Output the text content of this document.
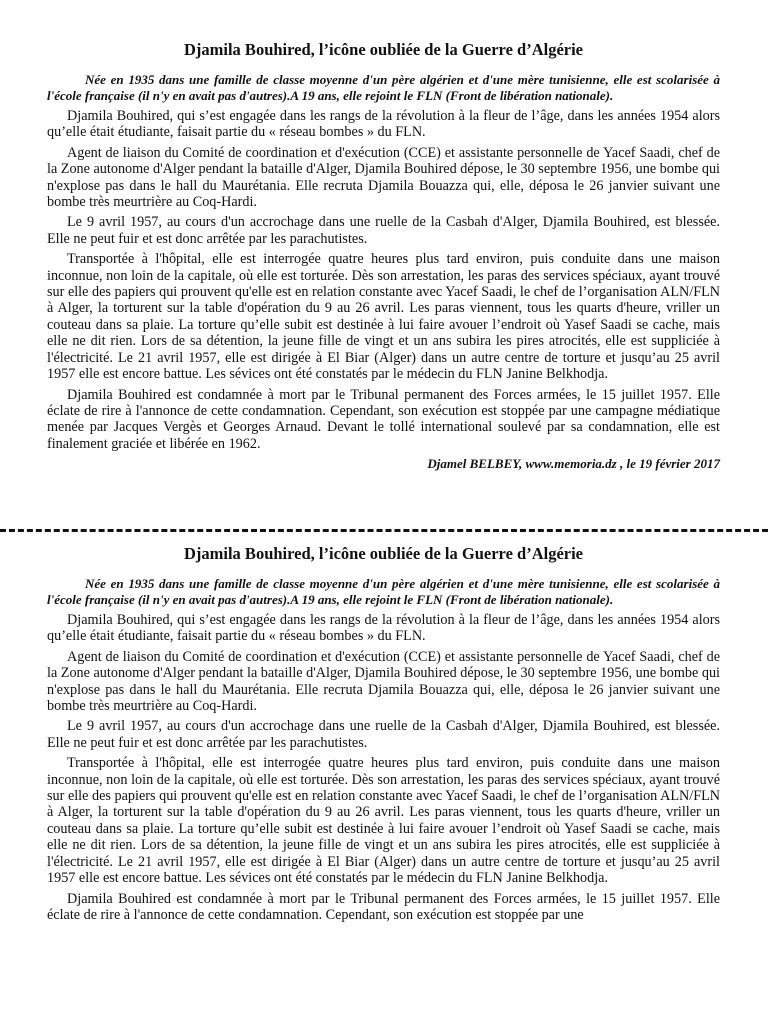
Djamila Bouhired, l’icône oubliée de la Guerre d’Algérie

Née en 1935 dans une famille de classe moyenne d'un père algérien et d'une mère tunisienne, elle est scolarisée à l'école française (il n'y en avait pas d'autres).A 19 ans, elle rejoint le FLN (Front de libération nationale).

Djamila Bouhired, qui s’est engagée dans les rangs de la révolution à la fleur de l’âge, dans les années 1954 alors qu’elle était étudiante, faisait partie du « réseau bombes » du FLN.

Agent de liaison du Comité de coordination et d'exécution (CCE) et assistante personnelle de Yacef Saadi, chef de la Zone autonome d'Alger pendant la bataille d'Alger, Djamila Bouhired dépose, le 30 septembre 1956, une bombe qui n'explose pas dans le hall du Maurétania. Elle recruta Djamila Bouazza qui, elle, déposa le 26 janvier suivant une bombe très meurtrière au Coq-Hardi.

Le 9 avril 1957, au cours d'un accrochage dans une ruelle de la Casbah d'Alger, Djamila Bouhired, est blessée. Elle ne peut fuir et est donc arrêtée par les parachutistes.

Transportée à l'hôpital, elle est interrogée quatre heures plus tard environ, puis conduite dans une maison inconnue, non loin de la capitale, où elle est torturée. Dès son arrestation, les paras des services spéciaux, ayant trouvé sur elle des papiers qui prouvent qu'elle est en relation constante avec Yacef Saadi, le chef de l’organisation ALN/FLN à Alger, la torturent sur la table d'opération du 9 au 26 avril. Les paras viennent, tous les quarts d'heure, vriller un couteau dans sa plaie. La torture qu’elle subit est destinée à lui faire avouer l’endroit où Yasef Saadi se cache, mais elle ne dit rien. Lors de sa détention, la jeune fille de vingt et un ans subira les pires atrocités, elle est suppliciée à l'électricité. Le 21 avril 1957, elle est dirigée à El Biar (Alger) dans un autre centre de torture et jusqu’au 25 avril 1957 elle est encore battue. Les sévices ont été constatés par le médecin du FLN Janine Belkhodja.

Djamila Bouhired est condamnée à mort par le Tribunal permanent des Forces armées, le 15 juillet 1957. Elle éclate de rire à l'annonce de cette condamnation. Cependant, son exécution est stoppée par une campagne médiatique menée par Jacques Vergès et Georges Arnaud. Devant le tollé international soulevé par sa condamnation, elle est finalement graciée et libérée en 1962.

Djamel BELBEY, www.memoria.dz , le 19 février 2017

Djamila Bouhired, l’icône oubliée de la Guerre d’Algérie

Née en 1935 dans une famille de classe moyenne d'un père algérien et d'une mère tunisienne, elle est scolarisée à l'école française (il n'y en avait pas d'autres).A 19 ans, elle rejoint le FLN (Front de libération nationale).

Djamila Bouhired, qui s’est engagée dans les rangs de la révolution à la fleur de l’âge, dans les années 1954 alors qu’elle était étudiante, faisait partie du « réseau bombes » du FLN.

Agent de liaison du Comité de coordination et d'exécution (CCE) et assistante personnelle de Yacef Saadi, chef de la Zone autonome d'Alger pendant la bataille d'Alger, Djamila Bouhired dépose, le 30 septembre 1956, une bombe qui n'explose pas dans le hall du Maurétania. Elle recruta Djamila Bouazza qui, elle, déposa le 26 janvier suivant une bombe très meurtrière au Coq-Hardi.

Le 9 avril 1957, au cours d'un accrochage dans une ruelle de la Casbah d'Alger, Djamila Bouhired, est blessée. Elle ne peut fuir et est donc arrêtée par les parachutistes.

Transportée à l'hôpital, elle est interrogée quatre heures plus tard environ, puis conduite dans une maison inconnue, non loin de la capitale, où elle est torturée. Dès son arrestation, les paras des services spéciaux, ayant trouvé sur elle des papiers qui prouvent qu'elle est en relation constante avec Yacef Saadi, le chef de l’organisation ALN/FLN à Alger, la torturent sur la table d'opération du 9 au 26 avril. Les paras viennent, tous les quarts d'heure, vriller un couteau dans sa plaie. La torture qu’elle subit est destinée à lui faire avouer l’endroit où Yasef Saadi se cache, mais elle ne dit rien. Lors de sa détention, la jeune fille de vingt et un ans subira les pires atrocités, elle est suppliciée à l'électricité. Le 21 avril 1957, elle est dirigée à El Biar (Alger) dans un autre centre de torture et jusqu’au 25 avril 1957 elle est encore battue. Les sévices ont été constatés par le médecin du FLN Janine Belkhodja.

Djamila Bouhired est condamnée à mort par le Tribunal permanent des Forces armées, le 15 juillet 1957. Elle éclate de rire à l'annonce de cette condamnation. Cependant, son exécution est stoppée par une
